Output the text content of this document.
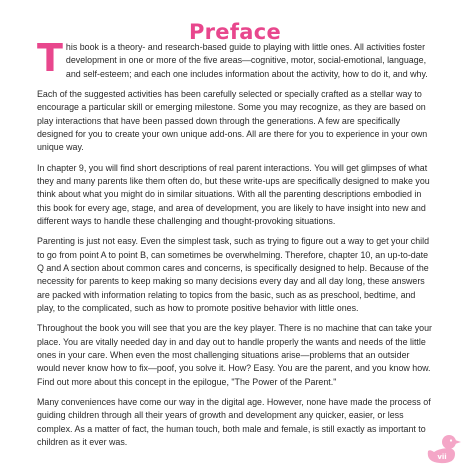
Preface

This book is a theory- and research-based guide to playing with little ones. All activities foster development in one or more of the five areas—cognitive, motor, social-emotional, language, and self-esteem; and each one includes information about the activity, how to do it, and why.

Each of the suggested activities has been carefully selected or specially crafted as a stellar way to encourage a particular skill or emerging milestone. Some you may recognize, as they are based on play interactions that have been passed down through the generations. A few are specifically designed for you to create your own unique add-ons. All are there for you to experience in your own unique way.

In chapter 9, you will find short descriptions of real parent interactions. You will get glimpses of what they and many parents like them often do, but these write-ups are specifically designed to make you think about what you might do in similar situations. With all the parenting descriptions embodied in this book for every age, stage, and area of development, you are likely to have insight into new and different ways to handle these challenging and thought-provoking situations.

Parenting is just not easy. Even the simplest task, such as trying to figure out a way to get your child to go from point A to point B, can sometimes be overwhelming. Therefore, chapter 10, an up-to-date Q and A section about common cares and concerns, is specifically designed to help. Because of the necessity for parents to keep making so many decisions every day and all day long, these answers are packed with information relating to topics from the basic, such as as preschool, bedtime, and play, to the complicated, such as how to promote positive behavior with little ones.

Throughout the book you will see that you are the key player. There is no machine that can take your place. You are vitally needed day in and day out to handle properly the wants and needs of the little ones in your care. When even the most challenging situations arise—problems that an outsider would never know how to fix—poof, you solve it. How? Easy. You are the parent, and you know how. Find out more about this concept in the epilogue, "The Power of the Parent."

Many conveniences have come our way in the digital age. However, none have made the process of guiding children through all their years of growth and development any quicker, easier, or less complex. As a matter of fact, the human touch, both male and female, is still exactly as important to children as it ever was.

vii
